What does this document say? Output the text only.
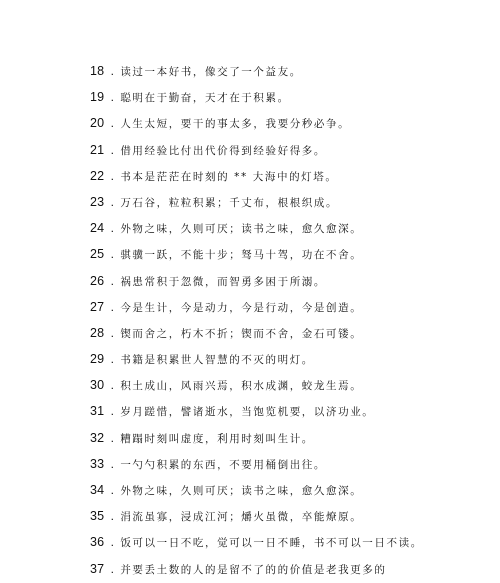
18 . 读过一本好书，像交了一个益友。
19 . 聪明在于勤奋，天才在于积累。
20 . 人生太短，要干的事太多，我要分秒必争。
21 . 借用经验比付出代价得到经验好得多。
22 . 书本是茫茫在时刻的 ** 大海中的灯塔。
23 . 万石谷，粒粒积累；千丈布，根根织成。
24 . 外物之味，久则可厌；读书之味，愈久愈深。
25 . 骐骥一跃，不能十步；驽马十驾，功在不舍。
26 . 祸患常积于忽微，而智勇多困于所溺。
27 . 今是生计，今是动力，今是行动，今是创造。
28 . 锲而舍之，朽木不折；锲而不舍，金石可镂。
29 . 书籍是积累世人智慧的不灭的明灯。
30 . 积土成山，风雨兴焉，积水成渊，蛟龙生焉。
31 . 岁月蹉惜，譬诸逝水，当饱览机要，以济功业。
32 . 糟蹋时刻叫虚度，利用时刻叫生计。
33 . 一勺勺积累的东西，不要用桶倒出往。
34 . 外物之味，久则可厌；读书之味，愈久愈深。
35 . 涓流虽寡，浸成江河；爝火虽微，卒能燎原。
36 . 饭可以一日不吃，觉可以一日不睡，书不可以一日不读。
37 . 并要丢土数的人的是留不了的的价值是老我更多的
